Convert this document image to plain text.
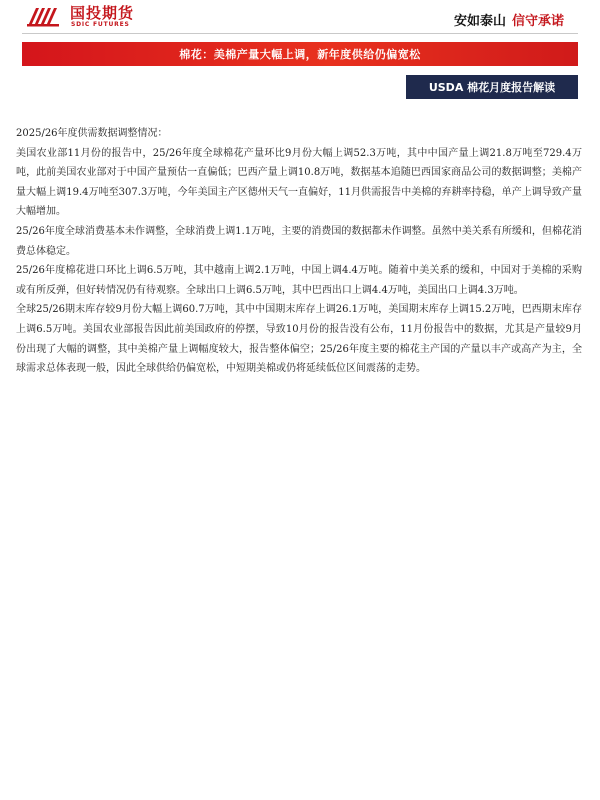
国投期货
SDIC FUTURES	安如泰山 信守承诺
棉花：美棉产量大幅上调，新年度供给仍偏宽松
USDA 棉花月度报告解读

2025/26年度供需数据调整情况：

美国农业部11月份的报告中，25/26年度全球棉花产量环比9月份大幅上调52.3万吨，其中中国产量上调21.8万吨至729.4万吨，此前美国农业部对于中国产量预估一直偏低；巴西产量上调10.8万吨，数据基本追随巴西国家商品公司的数据调整；美棉产量大幅上调19.4万吨至307.3万吨，今年美国主产区德州天气一直偏好，11月供需报告中美棉的弃耕率持稳，单产上调导致产量大幅增加。

25/26年度全球消费基本未作调整，全球消费上调1.1万吨，主要的消费国的数据都未作调整。虽然中美关系有所缓和，但棉花消费总体稳定。

25/26年度棉花进口环比上调6.5万吨，其中越南上调2.1万吨，中国上调4.4万吨。随着中美关系的缓和，中国对于美棉的采购或有所反弹，但好转情况仍有待观察。全球出口上调6.5万吨，其中巴西出口上调4.4万吨，美国出口上调4.3万吨。

全球25/26期末库存较9月份大幅上调60.7万吨，其中中国期末库存上调26.1万吨，美国期末库存上调15.2万吨，巴西期末库存上调6.5万吨。美国农业部报告因此前美国政府的停摆，导致10月份的报告没有公布，11月份报告中的数据，尤其是产量较9月份出现了大幅的调整，其中美棉产量上调幅度较大，报告整体偏空；25/26年度主要的棉花主产国的产量以丰产或高产为主，全球需求总体表现一般，因此全球供给仍偏宽松，中短期美棉或仍将延续低位区间震荡的走势。
